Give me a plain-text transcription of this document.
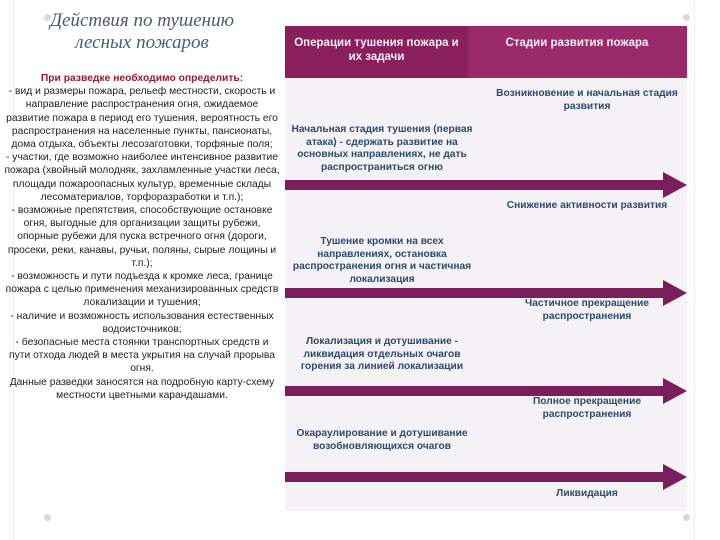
Действия по тушению
лесных пожаров
При разведке необходимо определить:
- вид и размеры пожара, рельеф местности, скорость и направление распространения огня, ожидаемое развитие пожара в период его тушения, вероятность его распространения на населенные пункты, пансионаты, дома отдыха, объекты лесозаготовки, торфяные поля;
- участки, где возможно наиболее интенсивное развитие пожара (хвойный молодняк, захламленные участки леса, площади пожароопасных культур, временные склады лесоматериалов, торфоразработки и т.п.);
- возможные препятствия, способствующие остановке огня, выгодные для организации защиты рубежи, опорные рубежи для пуска встречного огня (дороги, просеки, реки, канавы, ручьи, поляны, сырые лощины и т.п.);
- возможность и пути подъезда к кромке леса, границе пожара с целью применения механизированных средств локализации и тушения;
- наличие и возможность использования естественных водоисточников;
- безопасные места стоянки транспортных средств и пути отхода людей в места укрытия на случай прорыва огня.
Данные разведки заносятся на подробную карту-схему местности цветными карандашами.
Операции тушения пожара и их задачи
Стадии развития пожара
Возникновение и начальная стадия развития
Начальная стадия тушения (первая атака) - сдержать развитие на основных направлениях, не дать распространиться огню
Снижение активности развития
Тушение кромки на всех направлениях, остановка распространения огня и частичная локализация
Частичное прекращение распространения
Локализация и дотушивание - ликвидация отдельных очагов горения за линией локализации
Полное прекращение распространения
Окараулирование и дотушивание возобновляющихся очагов
Ликвидация
